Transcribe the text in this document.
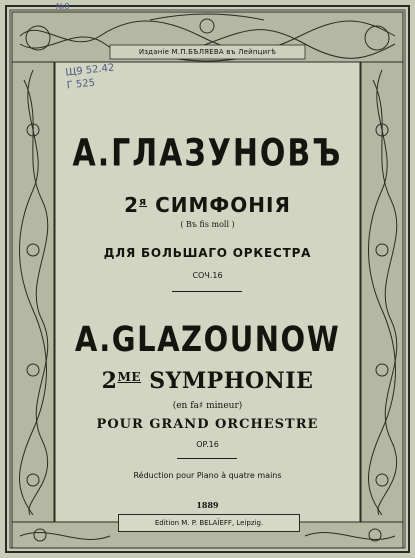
№8
Щ9 52.42
Г 525
Изданіе М.П.БѢЛЯЕВА въ Лейпцигѣ
А.ГЛАЗУНОВЪ
$2^я$ СИМФОНІЯ
( Въ fis moll )
ДЛЯ БОЛЬШАГО ОРКЕСТРА
СОЧ.16
A.GLAZOUNOW
$2^{ME}$ SYMPHONIE
(en fa♯ mineur)
POUR GRAND ORCHESTRE
OP.16
Réduction pour Piano à quatre mains
1889
Edition M. P. BELAÏEFF, Leipzig.
